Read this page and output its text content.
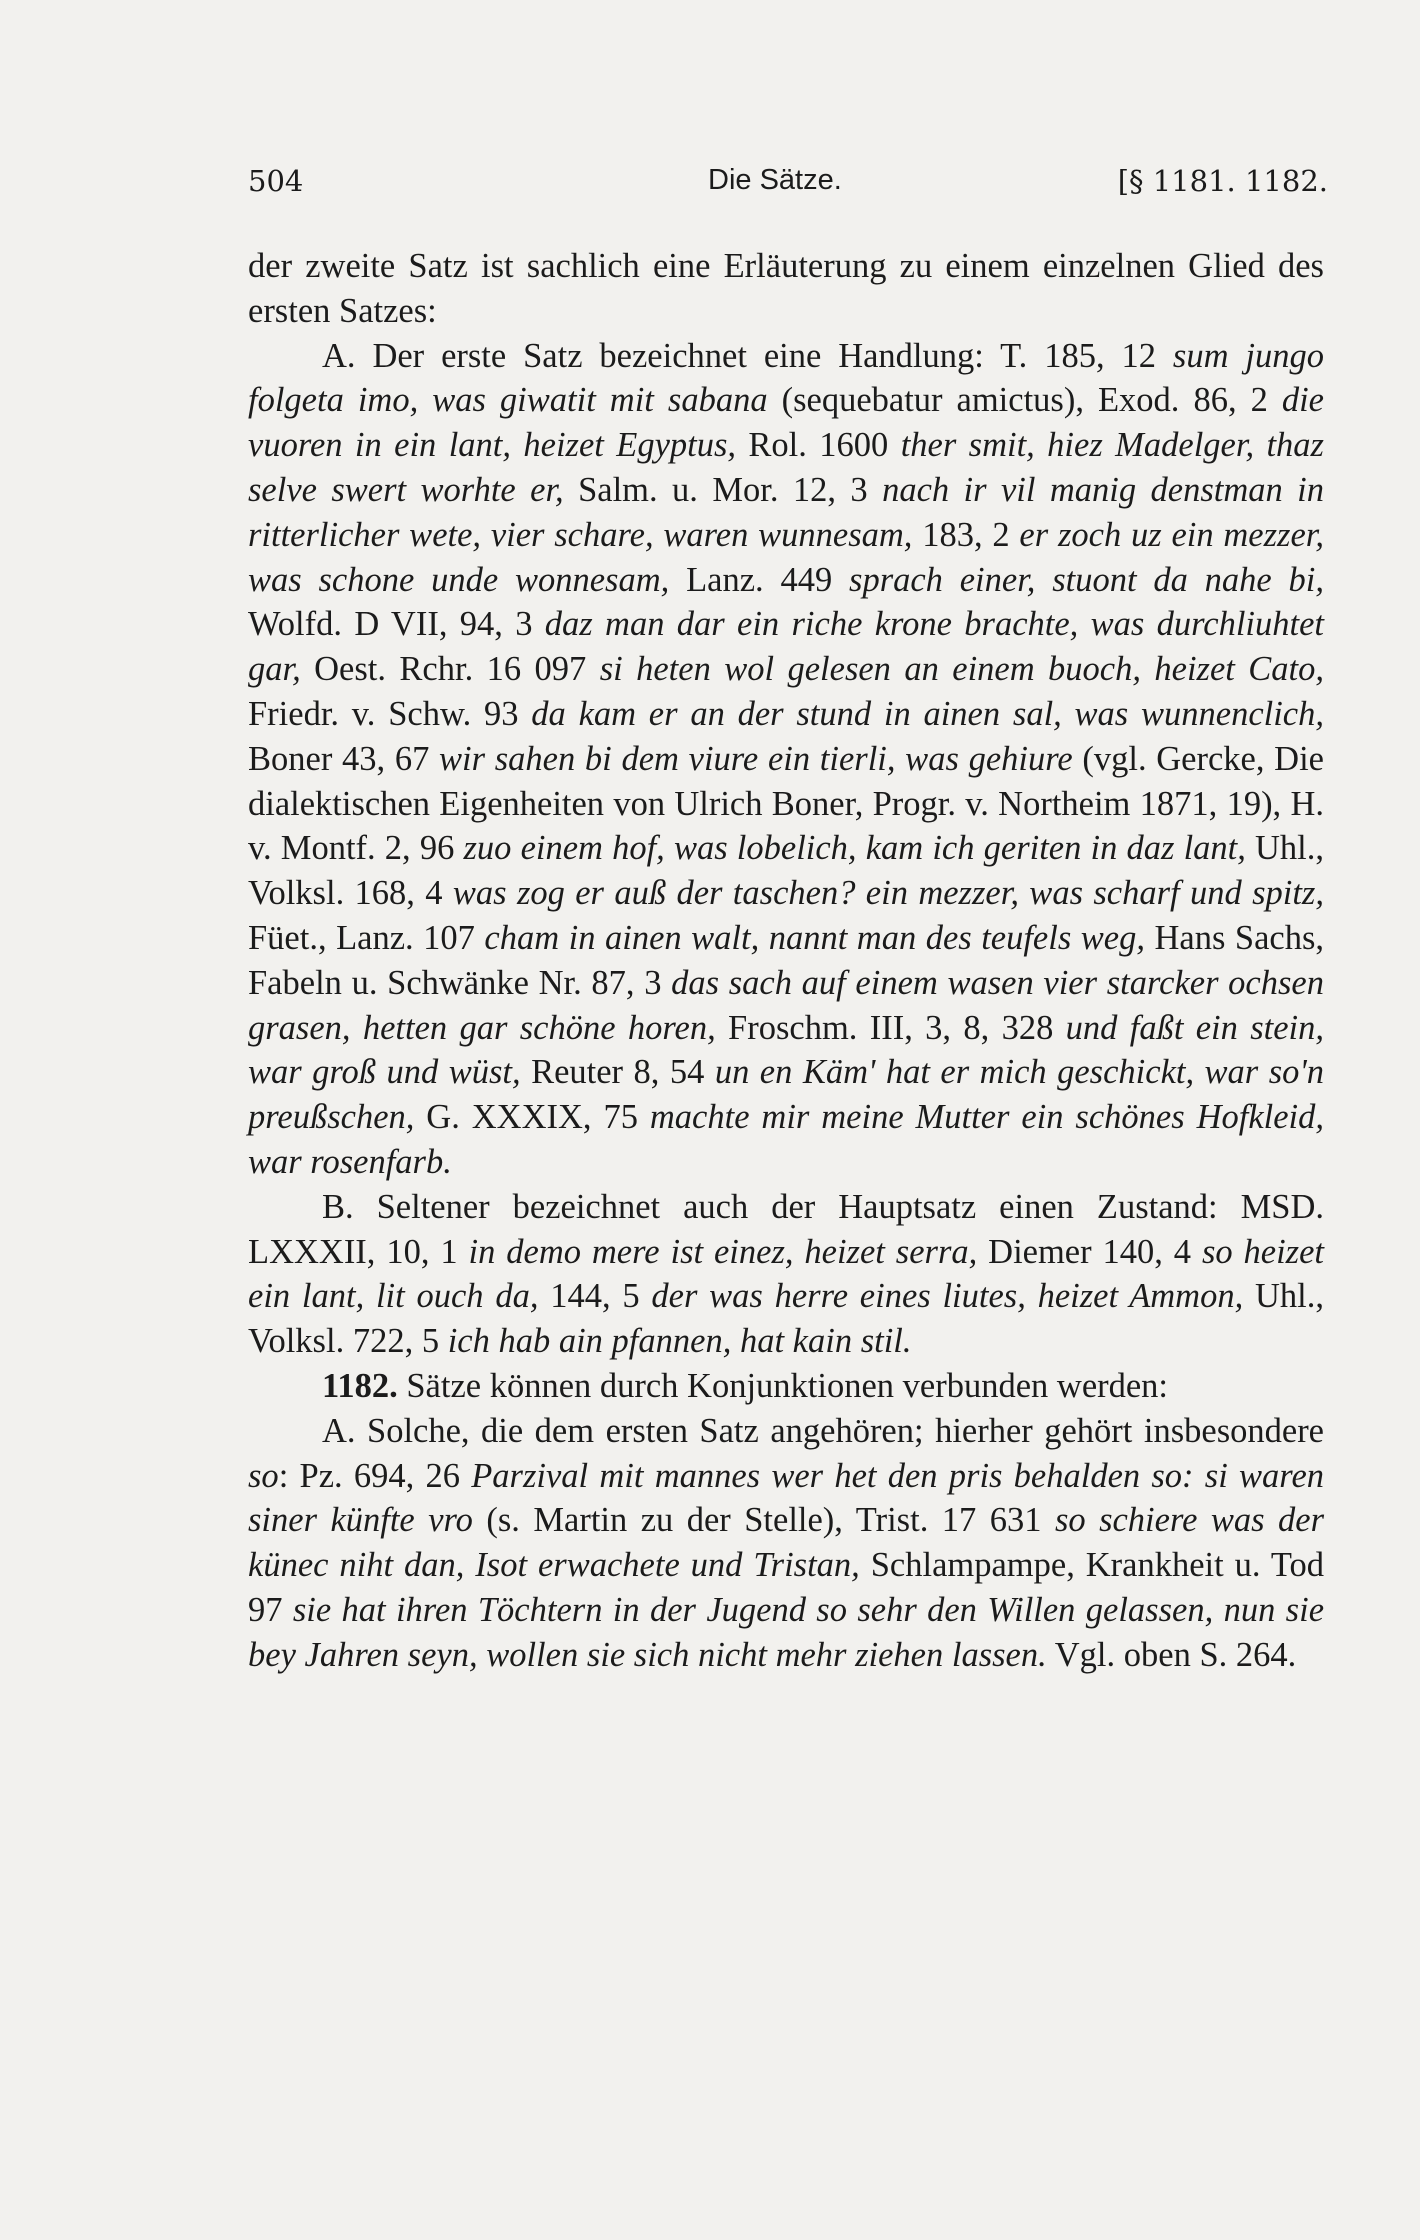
504	Die Sätze.	[§ 1181. 1182.

der zweite Satz ist sachlich eine Erläuterung zu einem einzelnen Glied des ersten Satzes:

A. Der erste Satz bezeichnet eine Handlung: T. 185, 12 sum jungo folgeta imo, was giwatit mit sabana (sequebatur amictus), Exod. 86, 2 die vuoren in ein lant, heizet Egyptus, Rol. 1600 ther smit, hiez Madelger, thaz selve swert worhte er, Salm. u. Mor. 12, 3 nach ir vil manig denstman in ritterlicher wete, vier schare, waren wunnesam, 183, 2 er zoch uz ein mezzer, was schone unde wonnesam, Lanz. 449 sprach einer, stuont da nahe bi, Wolfd. D VII, 94, 3 daz man dar ein riche krone brachte, was durchliuhtet gar, Oest. Rchr. 16 097 si heten wol gelesen an einem buoch, heizet Cato, Friedr. v. Schw. 93 da kam er an der stund in ainen sal, was wunnenclich, Boner 43, 67 wir sahen bi dem viure ein tierli, was gehiure (vgl. Gercke, Die dialektischen Eigenheiten von Ulrich Boner, Progr. v. Northeim 1871, 19), H. v. Montf. 2, 96 zuo einem hof, was lobelich, kam ich geriten in daz lant, Uhl., Volksl. 168, 4 was zog er auß der taschen? ein mezzer, was scharf und spitz, Füet., Lanz. 107 cham in ainen walt, nannt man des teufels weg, Hans Sachs, Fabeln u. Schwänke Nr. 87, 3 das sach auf einem wasen vier starcker ochsen grasen, hetten gar schöne horen, Froschm. III, 3, 8, 328 und faßt ein stein, war groß und wüst, Reuter 8, 54 un en Käm' hat er mich geschickt, war so'n preußschen, G. XXXIX, 75 machte mir meine Mutter ein schönes Hofkleid, war rosenfarb.

B. Seltener bezeichnet auch der Hauptsatz einen Zustand: MSD. LXXXII, 10, 1 in demo mere ist einez, heizet serra, Diemer 140, 4 so heizet ein lant, lit ouch da, 144, 5 der was herre eines liutes, heizet Ammon, Uhl., Volksl. 722, 5 ich hab ain pfannen, hat kain stil.

1182. Sätze können durch Konjunktionen verbunden werden:

A. Solche, die dem ersten Satz angehören; hierher gehört insbesondere so: Pz. 694, 26 Parzival mit mannes wer het den pris behalden so: si waren siner künfte vro (s. Martin zu der Stelle), Trist. 17 631 so schiere was der künec niht dan, Isot erwachete und Tristan, Schlampampe, Krankheit u. Tod 97 sie hat ihren Töchtern in der Jugend so sehr den Willen gelassen, nun sie bey Jahren seyn, wollen sie sich nicht mehr ziehen lassen. Vgl. oben S. 264.
